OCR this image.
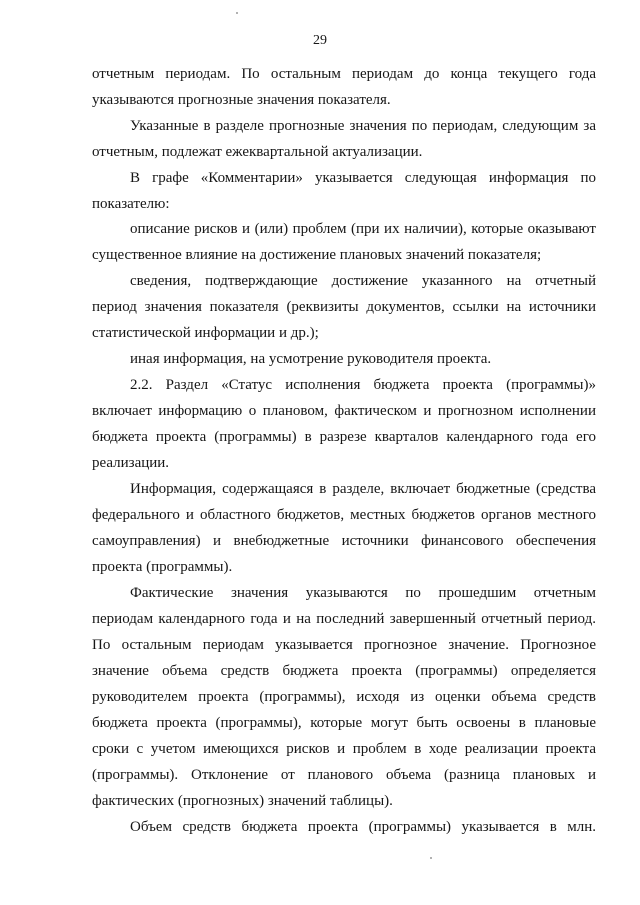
29
отчетным периодам. По остальным периодам до конца текущего года
указываются прогнозные значения показателя.
Указанные в разделе прогнозные значения по периодам, следующим за
отчетным, подлежат ежеквартальной актуализации.
В графе «Комментарии» указывается следующая информация по
показателю:
описание рисков и (или) проблем (при их наличии), которые оказывают
существенное влияние на достижение плановых значений показателя;
сведения, подтверждающие достижение указанного на отчетный
период значения показателя (реквизиты документов, ссылки на источники
статистической информации и др.);
иная информация, на усмотрение руководителя проекта.
2.2. Раздел «Статус исполнения бюджета проекта (программы)»
включает информацию о плановом, фактическом и прогнозном исполнении
бюджета проекта (программы) в разрезе кварталов календарного года его
реализации.
Информация, содержащаяся в разделе, включает бюджетные (средства
федерального и областного бюджетов, местных бюджетов органов местного
самоуправления) и внебюджетные источники финансового обеспечения
проекта (программы).
Фактические значения указываются по прошедшим отчетным
периодам календарного года и на последний завершенный отчетный период.
По остальным периодам указывается прогнозное значение. Прогнозное
значение объема средств бюджета проекта (программы) определяется
руководителем проекта (программы), исходя из оценки объема средств
бюджета проекта (программы), которые могут быть освоены в плановые
сроки с учетом имеющихся рисков и проблем в ходе реализации проекта
(программы). Отклонение от планового объема (разница плановых и
фактических (прогнозных) значений таблицы).
Объем средств бюджета проекта (программы) указывается в млн.
